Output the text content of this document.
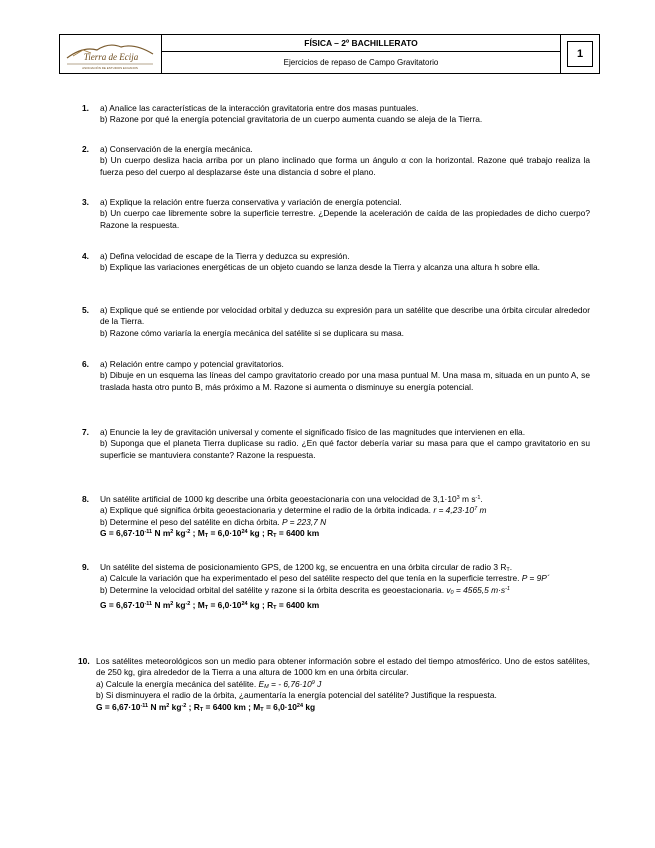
Tierra de Ecija
ASOCIACIÓN DE ESTUDIOS ECIJANOS
FÍSICA – 2º BACHILLERATO
Ejercicios de repaso de Campo Gravitatorio
1
1. a) Analice las características de la interacción gravitatoria entre dos masas puntuales.
b) Razone por qué la energía potencial gravitatoria de un cuerpo aumenta cuando se aleja de la Tierra.
2. a) Conservación de la energía mecánica.
b) Un cuerpo desliza hacia arriba por un plano inclinado que forma un ángulo α con la horizontal. Razone qué trabajo realiza la fuerza peso del cuerpo al desplazarse éste una distancia d sobre el plano.
3. a) Explique la relación entre fuerza conservativa y variación de energía potencial.
b) Un cuerpo cae libremente sobre la superficie terrestre. ¿Depende la aceleración de caída de las propiedades de dicho cuerpo? Razone la respuesta.
4. a) Defina velocidad de escape de la Tierra y deduzca su expresión.
b) Explique las variaciones energéticas de un objeto cuando se lanza desde la Tierra y alcanza una altura h sobre ella.
5. a) Explique qué se entiende por velocidad orbital y deduzca su expresión para un satélite que describe una órbita circular alrededor de la Tierra.
b) Razone cómo variaría la energía mecánica del satélite si se duplicara su masa.
6. a) Relación entre campo y potencial gravitatorios.
b) Dibuje en un esquema las líneas del campo gravitatorio creado por una masa puntual M. Una masa m, situada en un punto A, se traslada hasta otro punto B, más próximo a M. Razone si aumenta o disminuye su energía potencial.
7. a) Enuncie la ley de gravitación universal y comente el significado físico de las magnitudes que intervienen en ella.
b) Suponga que el planeta Tierra duplicase su radio. ¿En qué factor debería variar su masa para que el campo gravitatorio en su superficie se mantuviera constante? Razone la respuesta.
8. Un satélite artificial de 1000 kg describe una órbita geoestacionaria con una velocidad de $3,1\cdot 10^3$ m $s^{-1}$.
a) Explique qué significa órbita geoestacionaria y determine el radio de la órbita indicada. $r = 4,23\cdot 10^7$ m
b) Determine el peso del satélite en dicha órbita. P = 223,7 N
$G = 6,67\cdot 10^{-11}$ N $m^2$ $kg^{-2}$ ; $M_T = 6,0\cdot 10^{24}$ kg ; $R_T = 6400$ km
9. Un satélite del sistema de posicionamiento GPS, de 1200 kg, se encuentra en una órbita circular de radio 3 $R_T$.
a) Calcule la variación que ha experimentado el peso del satélite respecto del que tenía en la superficie terrestre. P = 9P´
b) Determine la velocidad orbital del satélite y razone si la órbita descrita es geoestacionaria. $v_0 = 4565,5$ $m\cdot s^{-1}$
$G = 6,67\cdot 10^{-11}$ N $m^2$ $kg^{-2}$ ; $M_T = 6,0\cdot 10^{24}$ kg ; $R_T = 6400$ km
10. Los satélites meteorológicos son un medio para obtener información sobre el estado del tiempo atmosférico. Uno de estos satélites, de 250 kg, gira alrededor de la Tierra a una altura de 1000 km en una órbita circular.
a) Calcule la energía mecánica del satélite. $E_M$ = - $6,76\cdot 10^9$ J
b) Si disminuyera el radio de la órbita, ¿aumentaría la energía potencial del satélite? Justifique la respuesta.
$G = 6,67\cdot 10^{-11}$ N $m^2$ $kg^{-2}$ ; $R_T = 6400$ km ; $M_T = 6,0\cdot 10^{24}$ kg
